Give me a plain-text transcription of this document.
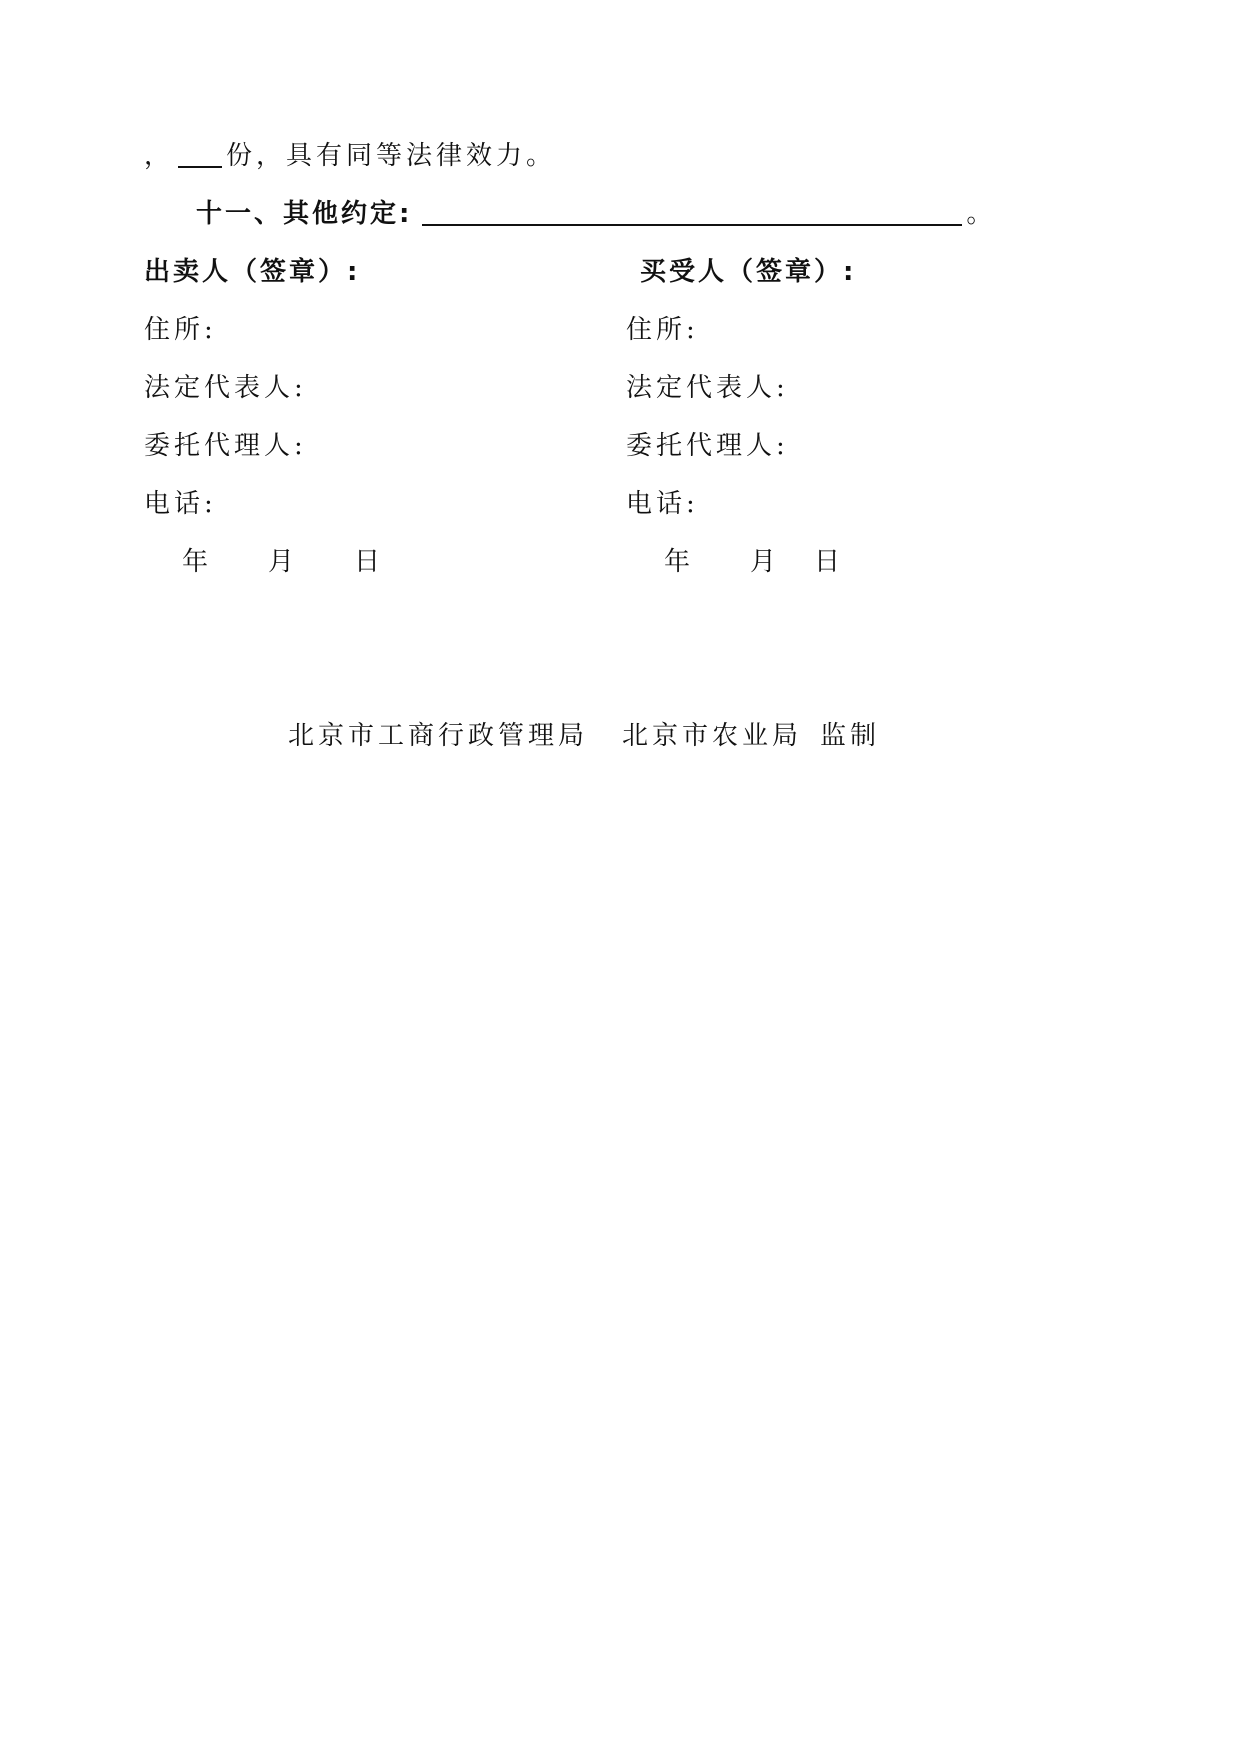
， 份，具有同等法律效力。
十一、其他约定:	。
出卖人（签章）:
住所:
法定代表人:
委托代理人:
电话:
年 月 日
买受人（签章）:
住所:
法定代表人:
委托代理人:
电话:
年 月 日
北京市工商行政管理局 北京市农业局 监制
